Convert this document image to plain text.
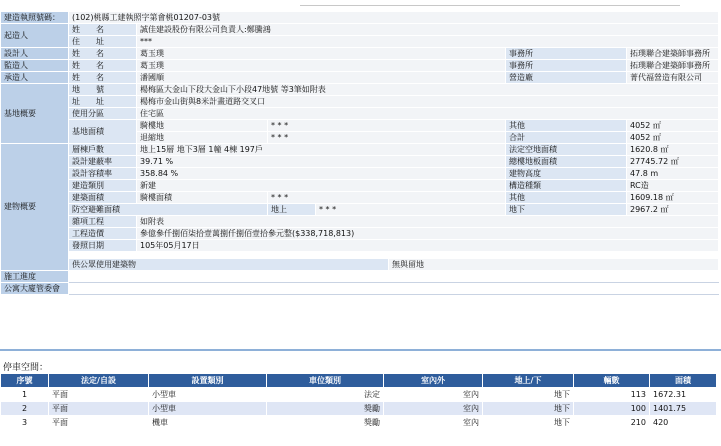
建造執照號碼：	(102)桃縣工建執照字第會桃01207-03號						
起造人	姓　　名	誠佳建設股份有限公司負責人:鄭騰鴻					
	住　　址	***					
設計人	姓　　名	葛玉璞				事務所	拓璞聯合建築師事務所
監造人	姓　　名	葛玉璞				事務所	拓璞聯合建築師事務所
承造人	姓　　名	潘國順				營造廠	菁代福營造有限公司
基地概要	地　　號	楊梅區大金山下段大金山下小段47地號 等3筆如附表					
	址　　址	楊梅市金山街與8米計畫道路交叉口					
	使用分區	住宅區					
	基地面積	騎樓地	* * *			其他	4052 ㎡
		退縮地	* * *			合計	4052 ㎡
建物概要	層棟戶數	地上15層 地下3層 1幢 4棟 197戶				法定空地面積	1620.8 ㎡
	設計建蔽率	39.71 %				總樓地板面積	27745.72 ㎡
	設計容積率	358.84 %				建物高度	47.8 m
	建造類別	新建				構造種類	RC造
	建築面積	騎樓面積	* * *			其他	1609.18 ㎡
	防空避難面積		地上	* * *		地下	2967.2 ㎡
	雜項工程	如附表					
	工程造價	參億參仟捌佰柒拾壹萬捌仟捌佰壹拾參元整($338,718,813)					
	發照日期	105年05月17日					

	供公眾使用建築物				無與留地		
施工進度							
公寓大廈管委會							
停車空間：
序號	法定/自設	設置類別	車位類別	室內外	地上/下	輛數	面積
1	平面	小型車	法定	室內	地下	113	1672.31
2	平面	小型車	獎勵	室內	地下	100	1401.75
3	平面	機車	獎勵	室內	地下	210	420
